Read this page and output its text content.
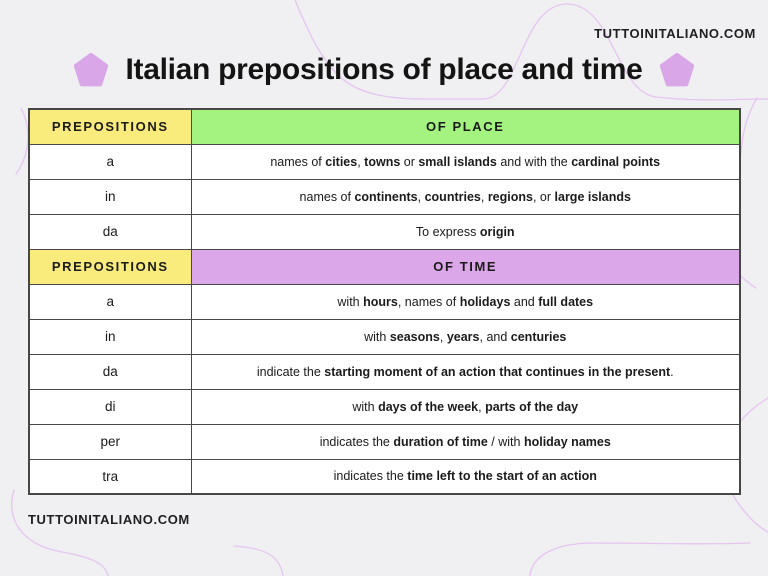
TUTTOINITALIANO.COM
Italian prepositions of place and time
PREPOSITIONS	OF PLACE
a	names of cities, towns or small islands and with the cardinal points
in	names of continents, countries, regions, or large islands
da	To express origin
PREPOSITIONS	OF TIME
a	with hours, names of holidays and full dates
in	with seasons, years, and centuries
da	indicate the starting moment of an action that continues in the present.
di	with days of the week, parts of the day
per	indicates the duration of time / with holiday names
tra	indicates the time left to the start of an action
TUTTOINITALIANO.COM
